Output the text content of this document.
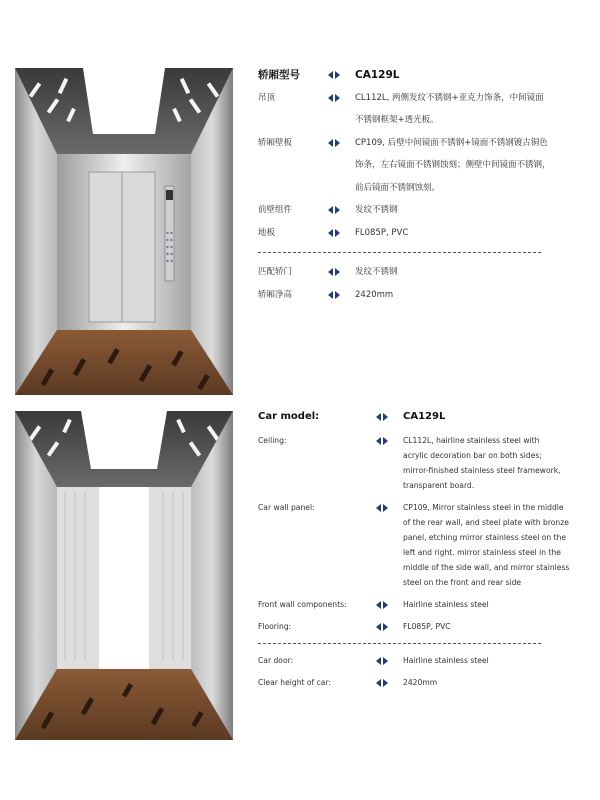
轿厢型号	CA129L
吊顶	CL112L, 两侧发纹不锈钢+亚克力饰条，中间镜面
不锈钢框架+透光板。
轿厢壁板	CP109, 后壁中间镜面不锈钢+镜面不锈钢镀古铜色
饰条，左右镜面不锈钢蚀刻；侧壁中间镜面不锈钢，
前后镜面不锈钢蚀刻。
前壁组件	发纹不锈钢
地板	FL085P, PVC
匹配轿门	发纹不锈钢
轿厢净高	2420mm
Car model:	CA129L
Ceiling:	CL112L, hairline stainless steel with
acrylic decoration bar on both sides;
mirror-finished stainless steel framework,
transparent board.
Car wall panel:	CP109, Mirror stainless steel in the middle
of the rear wall, and steel plate with bronze
panel, etching mirror stainless steel on the
left and right. mirror stainless steel in the
middle of the side wall, and mirror stainless
steel on the front and rear side
Front wall components:	Hairline stainless steel
Flooring:	FL085P, PVC
Car door:	Hairline stainless steel
Clear height of car:	2420mm
